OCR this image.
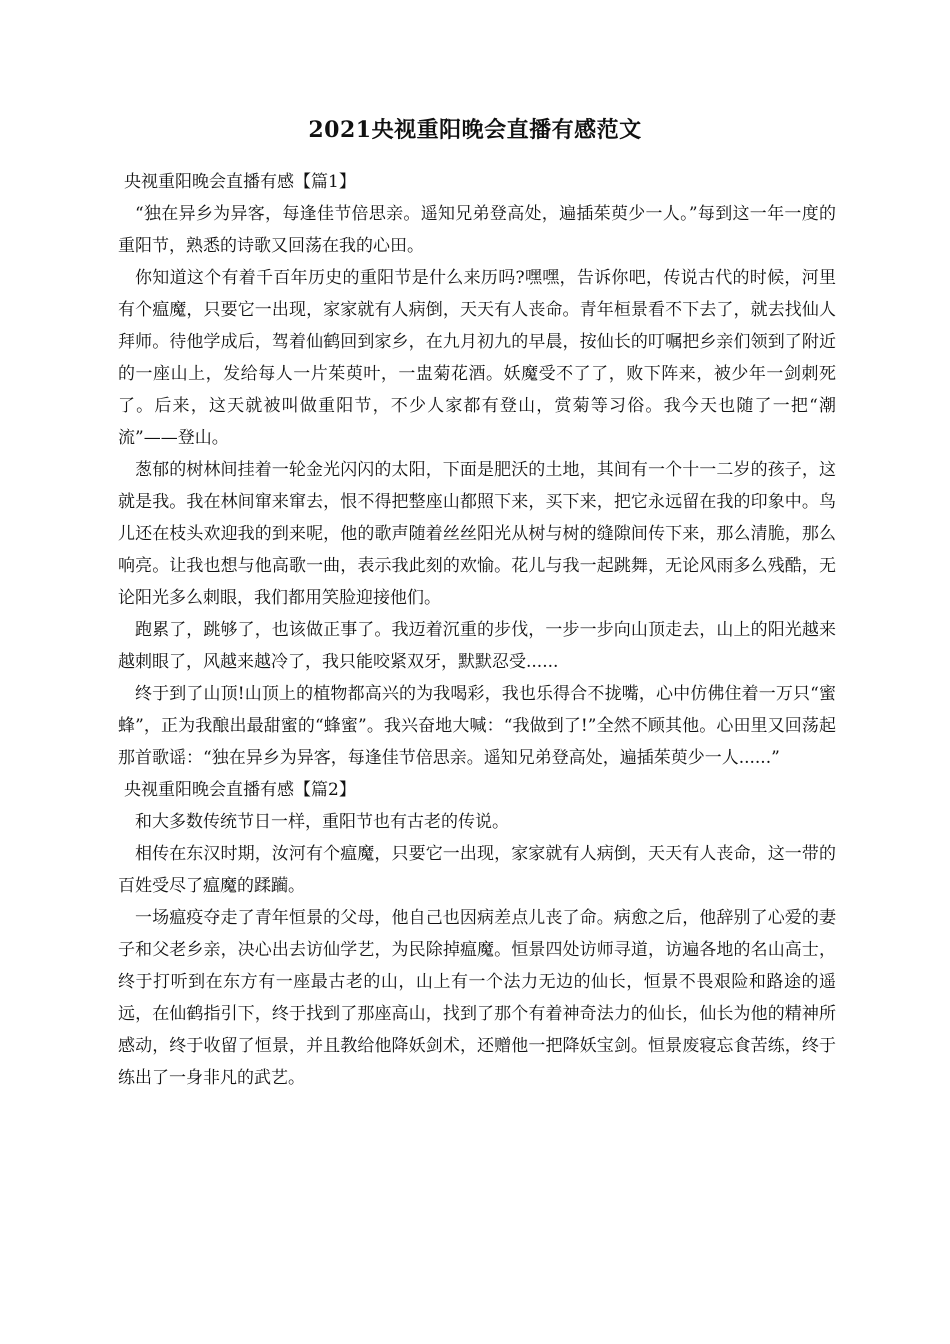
2021央视重阳晚会直播有感范文

央视重阳晚会直播有感【篇1】

“独在异乡为异客，每逢佳节倍思亲。遥知兄弟登高处，遍插茱萸少一人。”每到这一年一度的重阳节，熟悉的诗歌又回荡在我的心田。

你知道这个有着千百年历史的重阳节是什么来历吗?嘿嘿，告诉你吧，传说古代的时候，河里有个瘟魔，只要它一出现，家家就有人病倒，天天有人丧命。青年桓景看不下去了，就去找仙人拜师。待他学成后，驾着仙鹤回到家乡，在九月初九的早晨，按仙长的叮嘱把乡亲们领到了附近的一座山上，发给每人一片茱萸叶，一盅菊花酒。妖魔受不了了，败下阵来，被少年一剑刺死了。后来，这天就被叫做重阳节，不少人家都有登山，赏菊等习俗。我今天也随了一把“潮流”——登山。

葱郁的树林间挂着一轮金光闪闪的太阳，下面是肥沃的土地，其间有一个十一二岁的孩子，这就是我。我在林间窜来窜去，恨不得把整座山都照下来，买下来，把它永远留在我的印象中。鸟儿还在枝头欢迎我的到来呢，他的歌声随着丝丝阳光从树与树的缝隙间传下来，那么清脆，那么响亮。让我也想与他高歌一曲，表示我此刻的欢愉。花儿与我一起跳舞，无论风雨多么残酷，无论阳光多么刺眼，我们都用笑脸迎接他们。

跑累了，跳够了，也该做正事了。我迈着沉重的步伐，一步一步向山顶走去，山上的阳光越来越刺眼了，风越来越冷了，我只能咬紧双牙，默默忍受......

终于到了山顶!山顶上的植物都高兴的为我喝彩，我也乐得合不拢嘴，心中仿佛住着一万只“蜜蜂”，正为我酿出最甜蜜的“蜂蜜”。我兴奋地大喊：“我做到了!”全然不顾其他。心田里又回荡起那首歌谣：“独在异乡为异客，每逢佳节倍思亲。遥知兄弟登高处，遍插茱萸少一人......”

央视重阳晚会直播有感【篇2】

和大多数传统节日一样，重阳节也有古老的传说。

相传在东汉时期，汝河有个瘟魔，只要它一出现，家家就有人病倒，天天有人丧命，这一带的百姓受尽了瘟魔的蹂躏。

一场瘟疫夺走了青年恒景的父母，他自己也因病差点儿丧了命。病愈之后，他辞别了心爱的妻子和父老乡亲，决心出去访仙学艺，为民除掉瘟魔。恒景四处访师寻道，访遍各地的名山高士，终于打听到在东方有一座最古老的山，山上有一个法力无边的仙长，恒景不畏艰险和路途的遥远，在仙鹤指引下，终于找到了那座高山，找到了那个有着神奇法力的仙长，仙长为他的精神所感动，终于收留了恒景，并且教给他降妖剑术，还赠他一把降妖宝剑。恒景废寝忘食苦练，终于练出了一身非凡的武艺。
